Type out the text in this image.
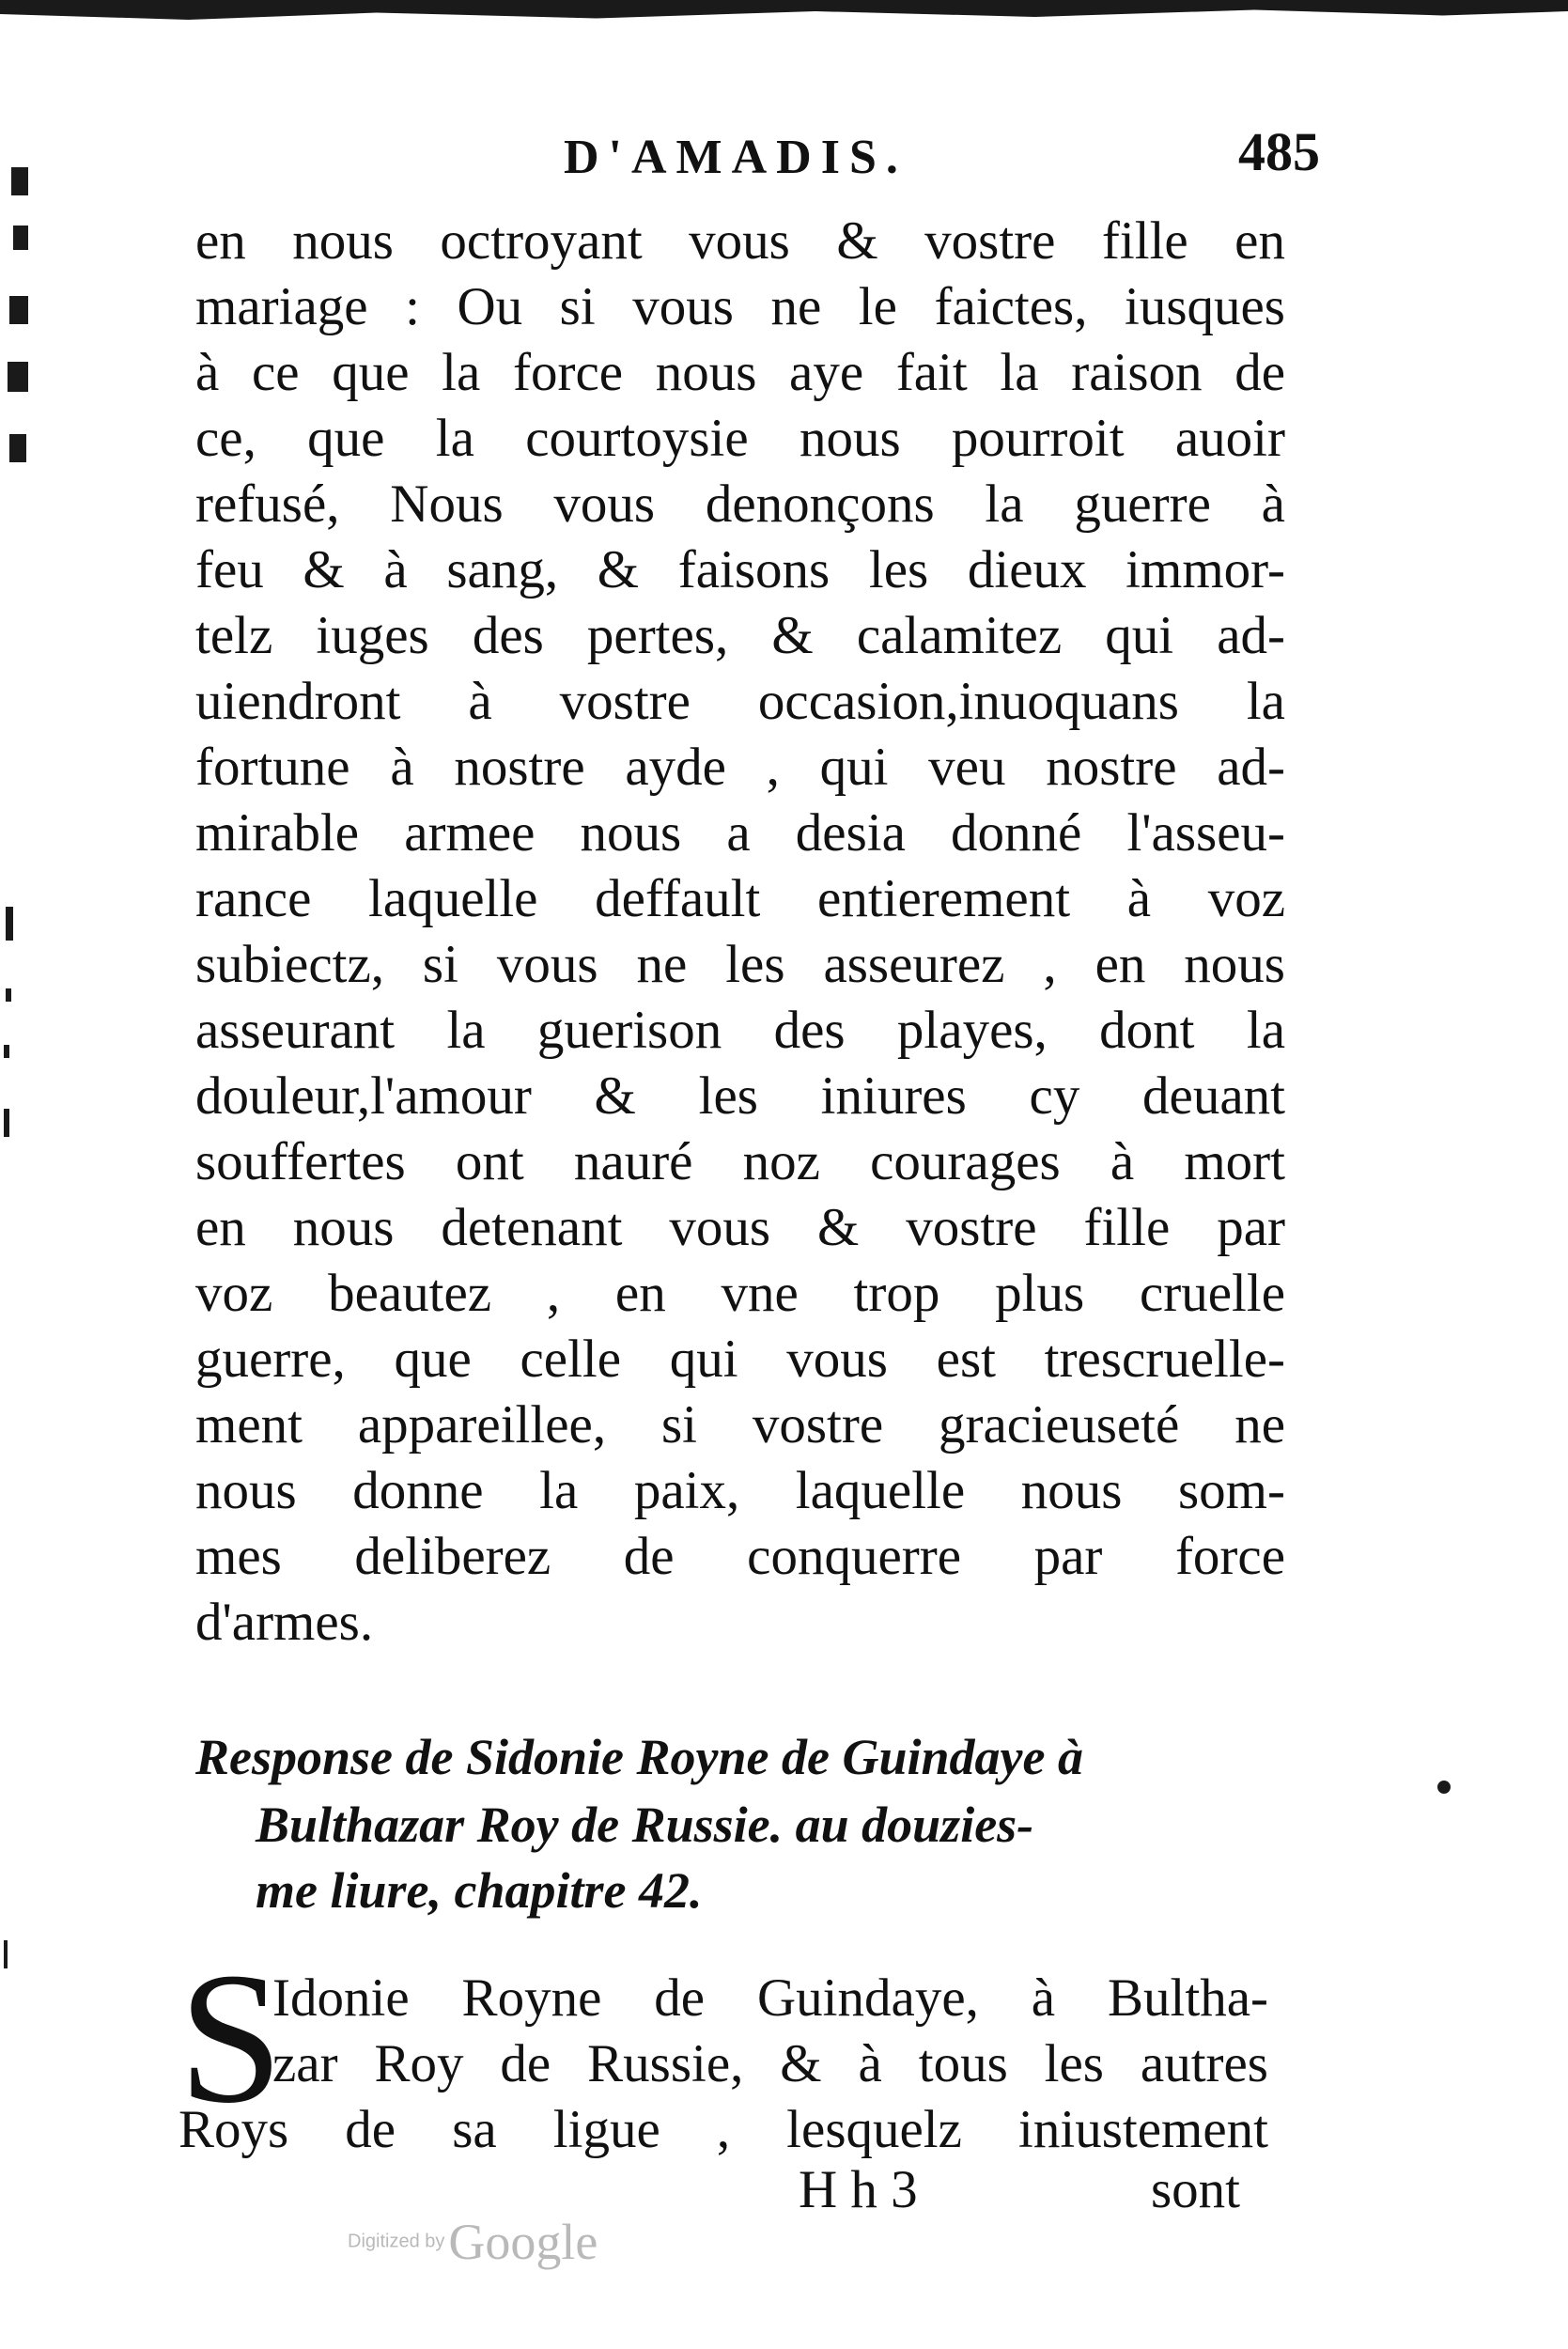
D'AMADIS.	485
en nous octroyant vous & vostre fille en
mariage : Ou si vous ne le faictes, iusques
à ce que la force nous aye fait la raison de
ce, que la courtoysie nous pourroit auoir
refusé, Nous vous denonçons la guerre à
feu & à sang, & faisons les dieux immor-
telz iuges des pertes, & calamitez qui ad-
uiendront à vostre occasion,inuoquans la
fortune à nostre ayde , qui veu nostre ad-
mirable armee nous a desia donné l'asseu-
rance laquelle deffault entierement à voz
subiectz, si vous ne les asseurez , en nous
asseurant la guerison des playes, dont la
douleur,l'amour & les iniures cy deuant
souffertes ont nauré noz courages à mort
en nous detenant vous & vostre fille par
voz beautez , en vne trop plus cruelle
guerre, que celle qui vous est trescruelle-
ment appareillee, si vostre gracieuseté ne
nous donne la paix, laquelle nous som-
mes deliberez de conquerre par force
d'armes.
Response de Sidonie Royne de Guindaye à
Bulthazar Roy de Russie. au douzies-
me liure, chapitre 42.
S
Idonie Royne de Guindaye, à Bultha-
zar Roy de Russie, & à tous les autres
Roys de sa ligue , lesquelz iniustement
H h 3	sont
Digitized by Google
